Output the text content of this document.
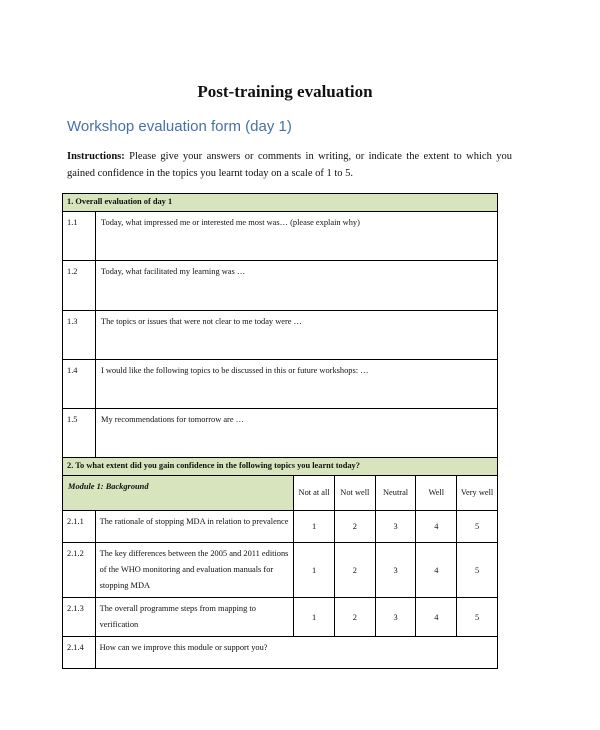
Post-training evaluation
Workshop evaluation form (day 1)
Instructions: Please give your answers or comments in writing, or indicate the extent to which you gained confidence in the topics you learnt today on a scale of 1 to 5.
1. Overall evaluation of day 1	
1.1	Today, what impressed me or interested me most was… (please explain why)
1.2	Today, what facilitated my learning was …
1.3	The topics or issues that were not clear to me today were …
1.4	I would like the following topics to be discussed in this or future workshops: …
1.5	My recommendations for tomorrow are …
2. To what extent did you gain confidence in the following topics you learnt today?						
Module 1: Background		Not at all	Not well	Neutral	Well	Very well
2.1.1	The rationale of stopping MDA in relation to prevalence	1	2	3	4	5
2.1.2	The key differences between the 2005 and 2011 editions of the WHO monitoring and evaluation manuals for stopping MDA	1	2	3	4	5
2.1.3	The overall programme steps from mapping to verification	1	2	3	4	5
2.1.4	How can we improve this module or support you?					
